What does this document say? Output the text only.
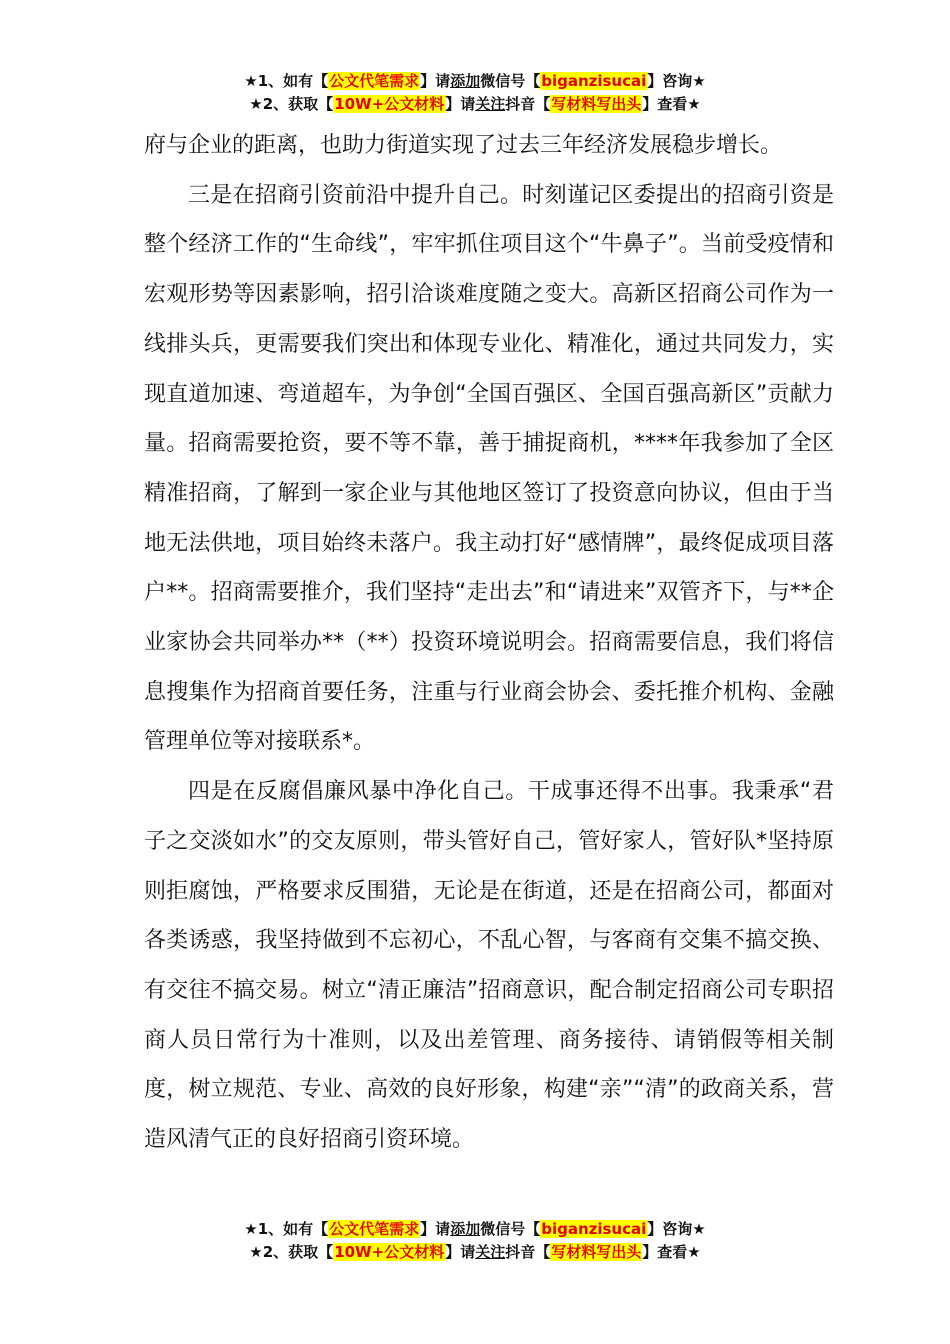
★1、如有【公文代笔需求】请添加微信号【biganzisucai】咨询★
★2、获取【10W+公文材料】请关注抖音【写材料写出头】查看★

府与企业的距离，也助力街道实现了过去三年经济发展稳步增长。

三是在招商引资前沿中提升自己。时刻谨记区委提出的招商引资是整个经济工作的“生命线”，牢牢抓住项目这个“牛鼻子”。当前受疫情和宏观形势等因素影响，招引洽谈难度随之变大。高新区招商公司作为一线排头兵，更需要我们突出和体现专业化、精准化，通过共同发力，实现直道加速、弯道超车，为争创“全国百强区、全国百强高新区”贡献力量。招商需要抢资，要不等不靠，善于捕捉商机，****年我参加了全区精准招商，了解到一家企业与其他地区签订了投资意向协议，但由于当地无法供地，项目始终未落户。我主动打好“感情牌”，最终促成项目落户**。招商需要推介，我们坚持“走出去”和“请进来”双管齐下，与**企业家协会共同举办**（**）投资环境说明会。招商需要信息，我们将信息搜集作为招商首要任务，注重与行业商会协会、委托推介机构、金融管理单位等对接联系*。

四是在反腐倡廉风暴中净化自己。干成事还得不出事。我秉承“君子之交淡如水”的交友原则，带头管好自己，管好家人，管好队*坚持原则拒腐蚀，严格要求反围猎，无论是在街道，还是在招商公司，都面对各类诱惑，我坚持做到不忘初心，不乱心智，与客商有交集不搞交换、有交往不搞交易。树立“清正廉洁”招商意识，配合制定招商公司专职招商人员日常行为十准则，以及出差管理、商务接待、请销假等相关制度，树立规范、专业、高效的良好形象，构建“亲”“清”的政商关系，营造风清气正的良好招商引资环境。

★1、如有【公文代笔需求】请添加微信号【biganzisucai】咨询★
★2、获取【10W+公文材料】请关注抖音【写材料写出头】查看★
